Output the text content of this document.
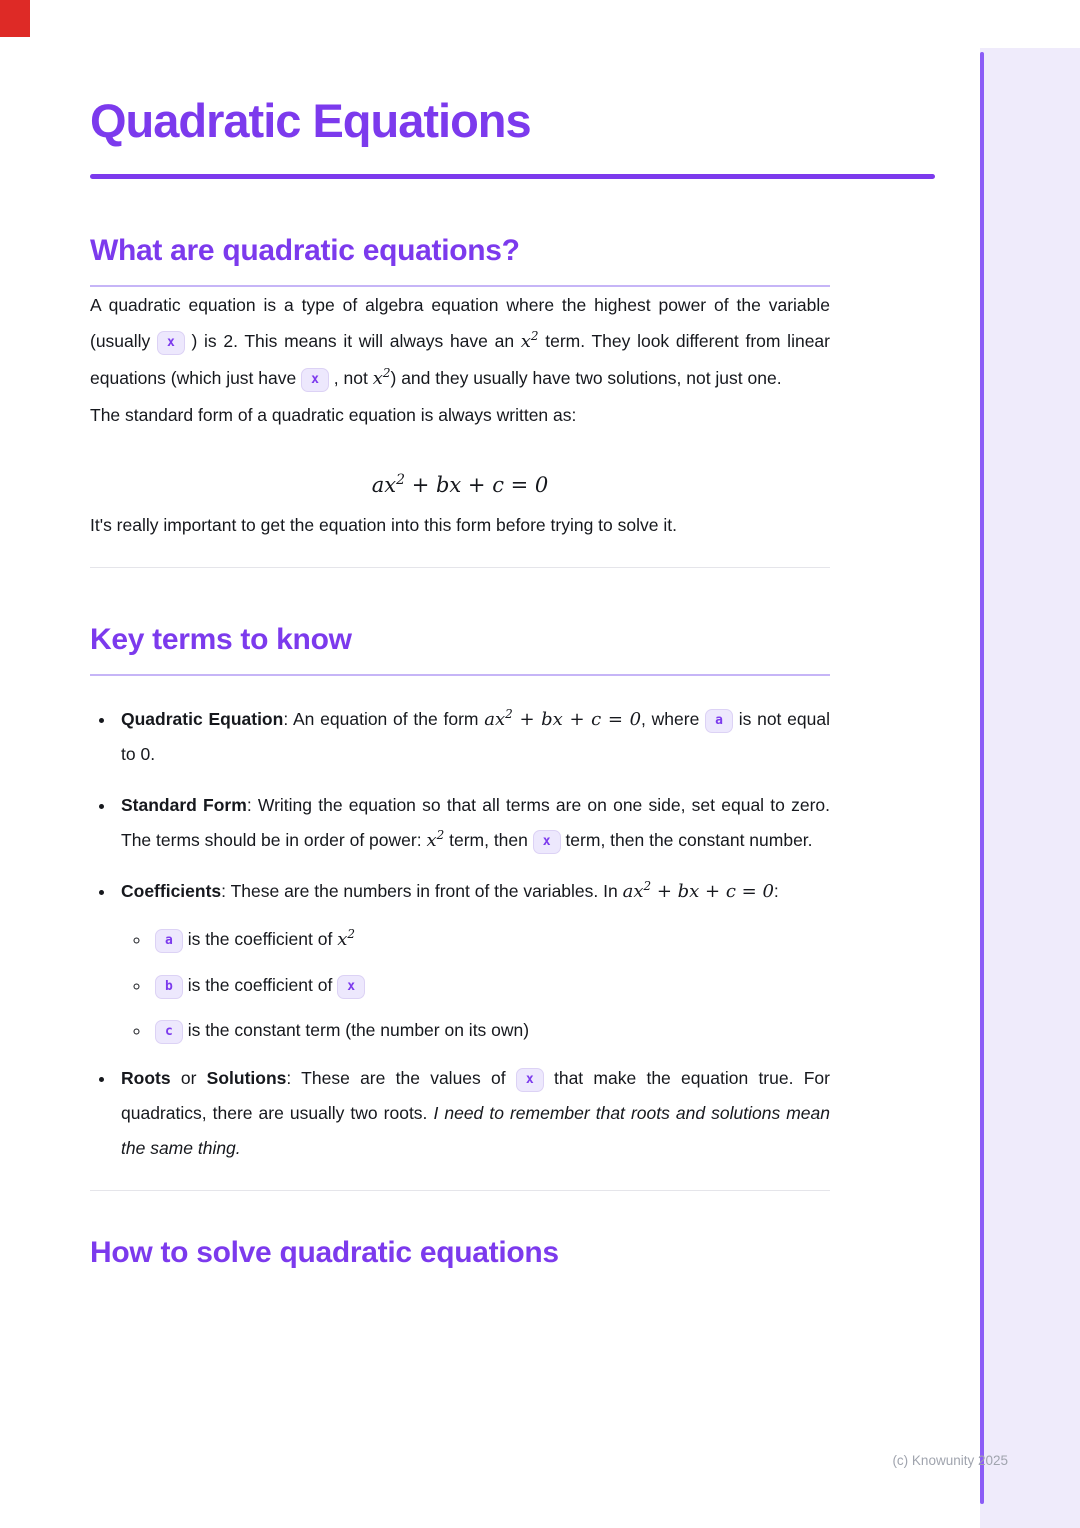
Quadratic Equations
What are quadratic equations?

A quadratic equation is a type of algebra equation where the highest power of the variable (usually x ) is 2. This means it will always have an $x^2$ term. They look different from linear equations (which just have x , not $x^2$) and they usually have two solutions, not just one.

The standard form of a quadratic equation is always written as:

$ax^2$ + bx + c = 0

It's really important to get the equation into this form before trying to solve it.

Key terms to know
• Quadratic Equation: An equation of the form $ax^2$ + bx + c = 0, where a is not equal to 0.
• Standard Form: Writing the equation so that all terms are on one side, set equal to zero. The terms should be in order of power: $x^2$ term, then x term, then the constant number.
• Coefficients: These are the numbers in front of the variables. In $ax^2$ + bx + c = 0:
◦ a is the coefficient of $x^2$
◦ b is the coefficient of x
◦ c is the constant term (the number on its own)
• Roots or Solutions: These are the values of x that make the equation true. For quadratics, there are usually two roots. I need to remember that roots and solutions mean the same thing.
How to solve quadratic equations
(c) Knowunity 2025
